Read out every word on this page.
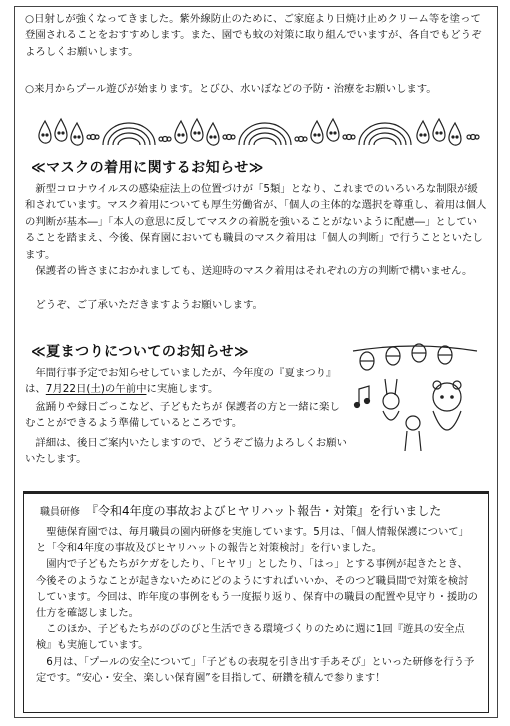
○日射しが強くなってきました。紫外線防止のために、ご家庭より日焼け止めクリーム等を塗って登園されることをおすすめします。また、園でも蚊の対策に取り組んでいますが、各自でもどうぞよろしくお願いします。
○来月からプール遊びが始まります。とびひ、水いぼなどの予防・治療をお願いします。
≪マスクの着用に関するお知らせ≫
新型コロナウイルスの感染症法上の位置づけが「5類」となり、これまでのいろいろな制限が緩和されています。マスク着用についても厚生労働省が、「個人の主体的な選択を尊重し、着用は個人の判断が基本―」「本人の意思に反してマスクの着脱を強いることがないように配慮―」としていることを踏まえ、今後、保育園においても職員のマスク着用は「個人の判断」で行うことといたします。
保護者の皆さまにおかれましても、送迎時のマスク着用はそれぞれの方の判断で構いません。
どうぞ、ご了承いただきますようお願いします。
≪夏まつりについてのお知らせ≫
年間行事予定でお知らせしていましたが、今年度の『夏まつり』は、7月22日(土)の午前中に実施します。
盆踊りや縁日ごっこなど、子どもたちが 保護者の方と一緒に楽しむことができるよう準備しているところです。
詳細は、後日ご案内いたしますので、どうぞご協力よろしくお願いいたします。
職員研修 『令和4年度の事故およびヒヤリハット報告・対策』を行いました
聖徳保育園では、毎月職員の園内研修を実施しています。5月は、「個人情報保護について」と「令和4年度の事故及びヒヤリハットの報告と対策検討」を行いました。
園内で子どもたちがケガをしたり、「ヒヤリ」としたり、「はっ」とする事例が起きたとき、今後そのようなことが起きないためにどのようにすればいいか、そのつど職員間で対策を検討しています。今回は、昨年度の事例をもう一度振り返り、保育中の職員の配置や見守り・援助の仕方を確認しました。
このほか、子どもたちがのびのびと生活できる環境づくりのために週に1回『遊具の安全点検』も実施しています。
6月は、「プールの安全について」「子どもの表現を引き出す手あそび」といった研修を行う予定です。“安心・安全、楽しい保育園”を目指して、研鑽を積んで参ります！
